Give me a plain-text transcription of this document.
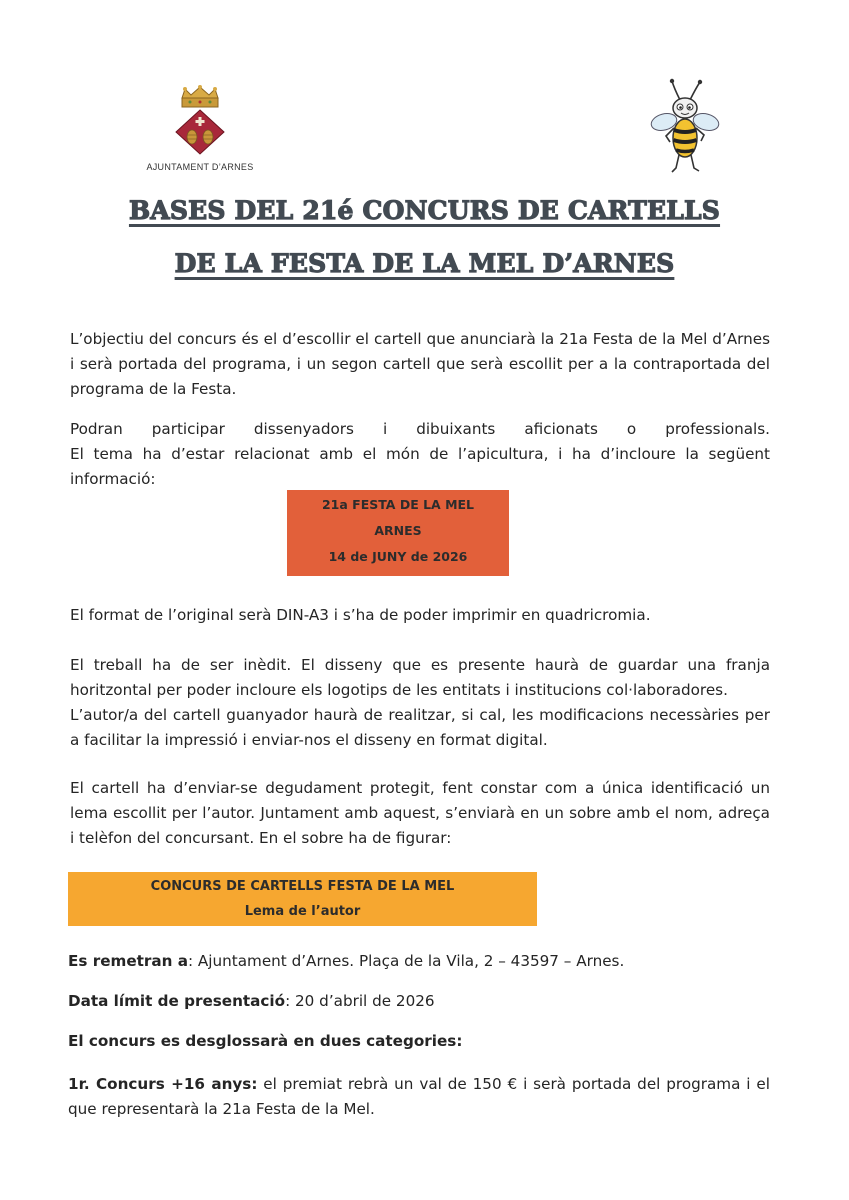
AJUNTAMENT D’ARNES
BASES DEL 21é CONCURS DE CARTELLS
DE LA FESTA DE LA MEL D’ARNES

L’objectiu del concurs és el d’escollir el cartell que anunciarà la 21a Festa de la Mel d’Arnes i serà portada del programa, i un segon cartell que serà escollit per a la contraportada del programa de la Festa.

Podran participar dissenyadors i dibuixants aficionats o professionals.

El tema ha d’estar relacionat amb el món de l’apicultura, i ha d’incloure la següent informació:

21a FESTA DE LA MEL
ARNES
14 de JUNY de 2026

El format de l’original serà DIN-A3 i s’ha de poder imprimir en quadricromia.

El treball ha de ser inèdit. El disseny que es presente haurà de guardar una franja horitzontal per poder incloure els logotips de les entitats i institucions col·laboradores.

L’autor/a del cartell guanyador haurà de realitzar, si cal, les modificacions necessàries per a facilitar la impressió i enviar-nos el disseny en format digital.

El cartell ha d’enviar-se degudament protegit, fent constar com a única identificació un lema escollit per l’autor. Juntament amb aquest, s’enviarà en un sobre amb el nom, adreça i telèfon del concursant. En el sobre ha de figurar:

CONCURS DE CARTELLS FESTA DE LA MEL
Lema de l’autor

Es remetran a: Ajuntament d’Arnes. Plaça de la Vila, 2 – 43597 – Arnes.

Data límit de presentació: 20 d’abril de 2026

El concurs es desglossarà en dues categories:

1r. Concurs +16 anys: el premiat rebrà un val de 150 € i serà portada del programa i el que representarà la 21a Festa de la Mel.
